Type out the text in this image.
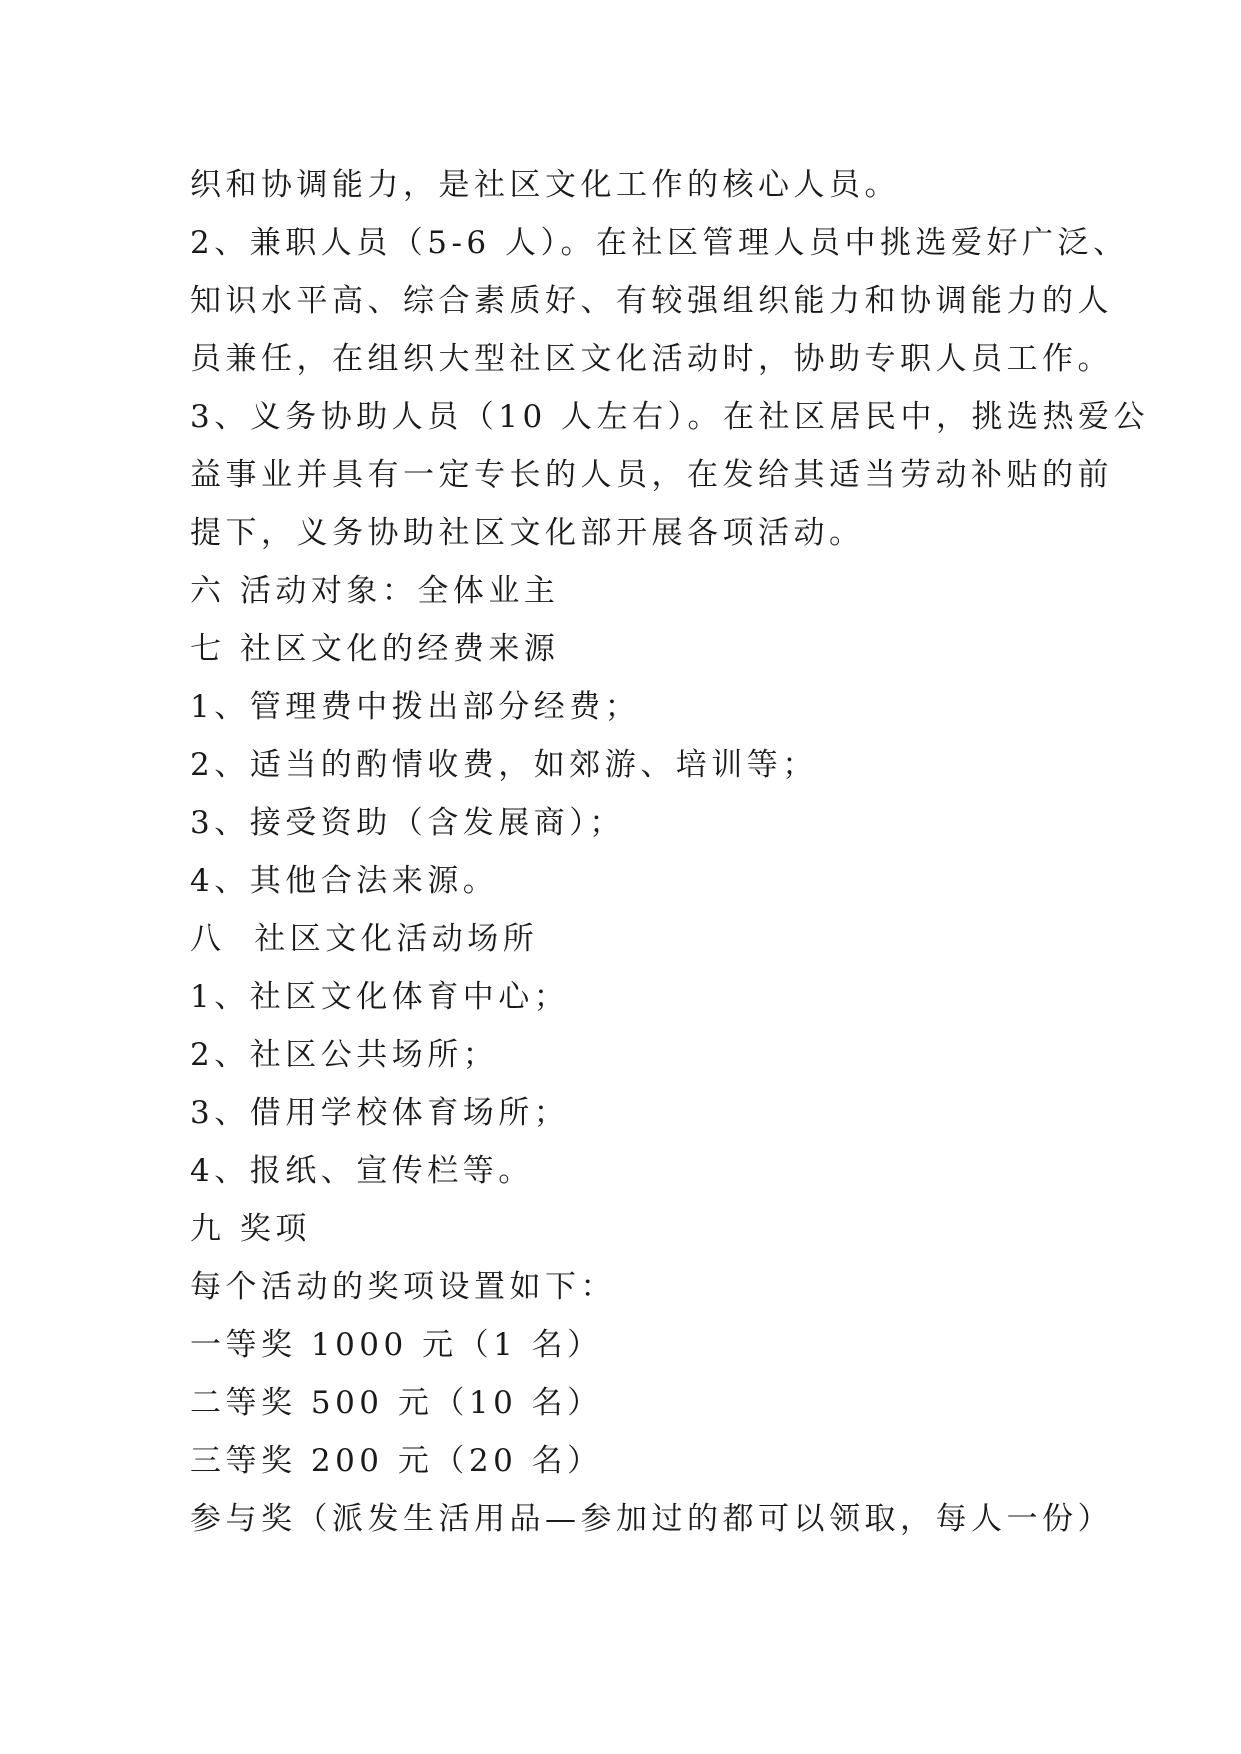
织和协调能力，是社区文化工作的核心人员。
2、兼职人员（5-6 人）。在社区管理人员中挑选爱好广泛、
知识水平高、综合素质好、有较强组织能力和协调能力的人
员兼任，在组织大型社区文化活动时，协助专职人员工作。
3、义务协助人员（10 人左右）。在社区居民中，挑选热爱公
益事业并具有一定专长的人员，在发给其适当劳动补贴的前
提下，义务协助社区文化部开展各项活动。
六 活动对象：全体业主
七 社区文化的经费来源
1、管理费中拨出部分经费；
2、适当的酌情收费，如郊游、培训等；
3、接受资助（含发展商）；
4、其他合法来源。
八  社区文化活动场所
1、社区文化体育中心；
2、社区公共场所；
3、借用学校体育场所；
4、报纸、宣传栏等。
九 奖项
每个活动的奖项设置如下：
一等奖 1000 元（1 名）
二等奖 500 元（10 名）
三等奖 200 元（20 名）
参与奖（派发生活用品—参加过的都可以领取，每人一份）
